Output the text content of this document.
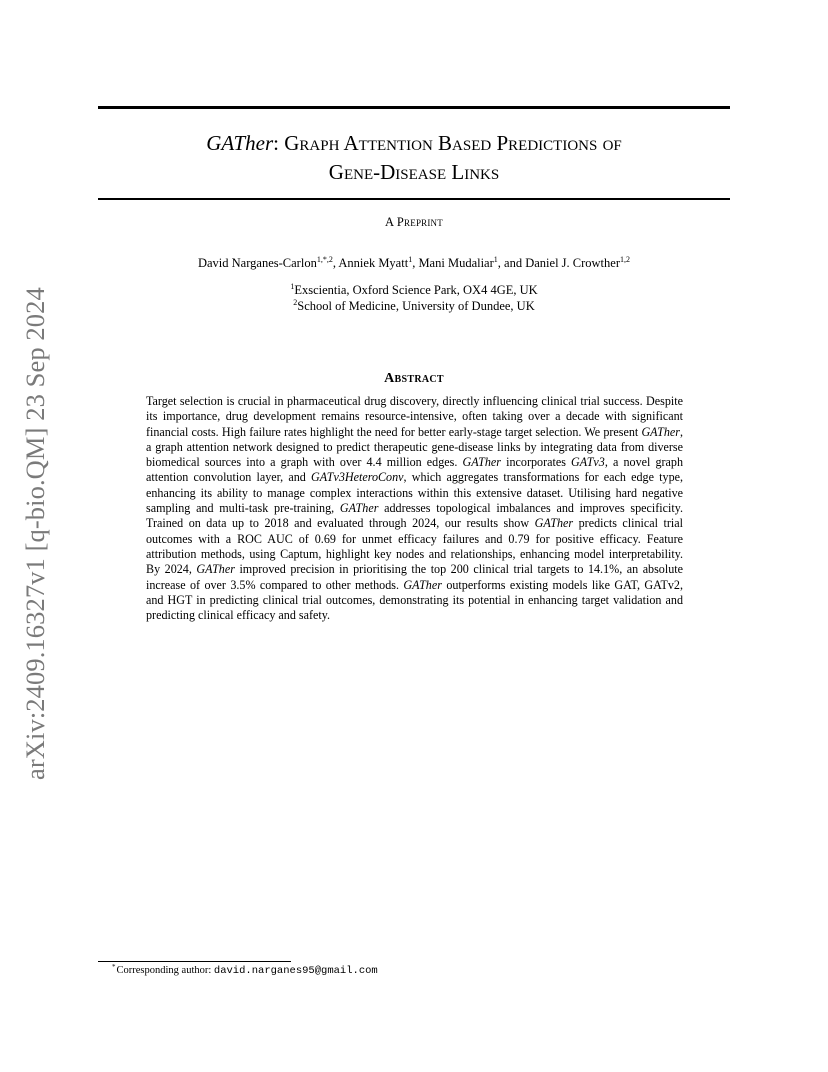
arXiv:2409.16327v1 [q-bio.QM] 23 Sep 2024
GATher: Graph Attention Based Predictions of
Gene-Disease Links
A Preprint
David Narganes-Carlon$^{1,*,2}$, Anniek Myatt$^1$, Mani Mudaliar$^1$, and Daniel J. Crowther$^{1,2}$
$^1$Exscientia, Oxford Science Park, OX4 4GE, UK
$^2$School of Medicine, University of Dundee, UK
Abstract
Target selection is crucial in pharmaceutical drug discovery, directly influencing clinical trial success. Despite its importance, drug development remains resource-intensive, often taking over a decade with significant financial costs. High failure rates highlight the need for better early-stage target selection. We present GATher, a graph attention network designed to predict therapeutic gene-disease links by integrating data from diverse biomedical sources into a graph with over 4.4 million edges. GATher incorporates GATv3, a novel graph attention convolution layer, and GATv3HeteroConv, which aggregates transformations for each edge type, enhancing its ability to manage complex interactions within this extensive dataset. Utilising hard negative sampling and multi-task pre-training, GATher addresses topological imbalances and improves specificity. Trained on data up to 2018 and evaluated through 2024, our results show GATher predicts clinical trial outcomes with a ROC AUC of 0.69 for unmet efficacy failures and 0.79 for positive efficacy. Feature attribution methods, using Captum, highlight key nodes and relationships, enhancing model interpretability. By 2024, GATher improved precision in prioritising the top 200 clinical trial targets to 14.1%, an absolute increase of over 3.5% compared to other methods. GATher outperforms existing models like GAT, GATv2, and HGT in predicting clinical trial outcomes, demonstrating its potential in enhancing target validation and predicting clinical efficacy and safety.
*Corresponding author: david.narganes95@gmail.com
